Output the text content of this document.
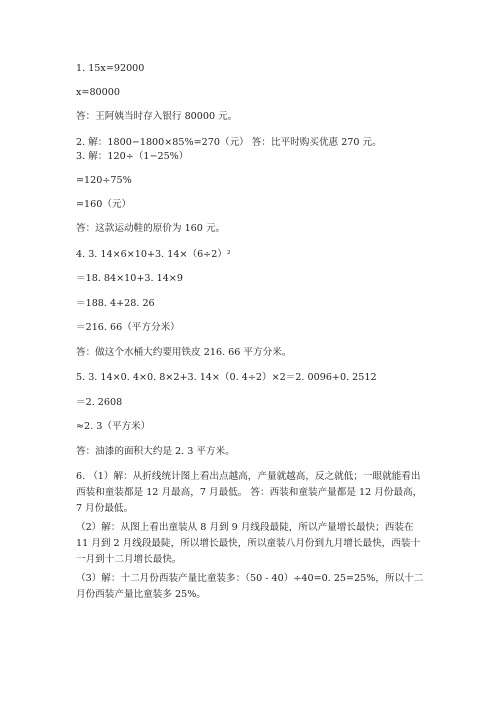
1. 15x=92000
x=80000
答：王阿姨当时存入银行 80000 元。
2. 解：1800−1800×85%=270（元） 答：比平时购买优惠 270 元。
3. 解：120÷（1−25%）
=120÷75%
=160（元）
答：这款运动鞋的原价为 160 元。
4. 3. 14×6×10+3. 14×（6÷2）²
＝18. 84×10+3. 14×9
＝188. 4+28. 26
＝216. 66（平方分米）
答：做这个水桶大约要用铁皮 216. 66 平方分米。
5. 3. 14×0. 4×0. 8×2+3. 14×（0. 4÷2）×2＝2. 0096+0. 2512
＝2. 2608
≈2. 3（平方米）
答：油漆的面积大约是 2. 3 平方米。
6. （1）解：从折线统计图上看出点越高，产量就越高，反之就低；一眼就能看出西装和童装都是 12 月最高，7 月最低。 答：西装和童装产量都是 12 月份最高，7 月份最低。
（2）解：从图上看出童装从 8 月到 9 月线段最陡，所以产量增长最快；西装在 11 月到 2 月线段最陡，所以增长最快，所以童装八月份到九月增长最快，西装十一月到十二月增长最快。
（3）解：十二月份西装产量比童装多：（50 - 40）÷40=0. 25=25%，所以十二月份西装产量比童装多 25%。
